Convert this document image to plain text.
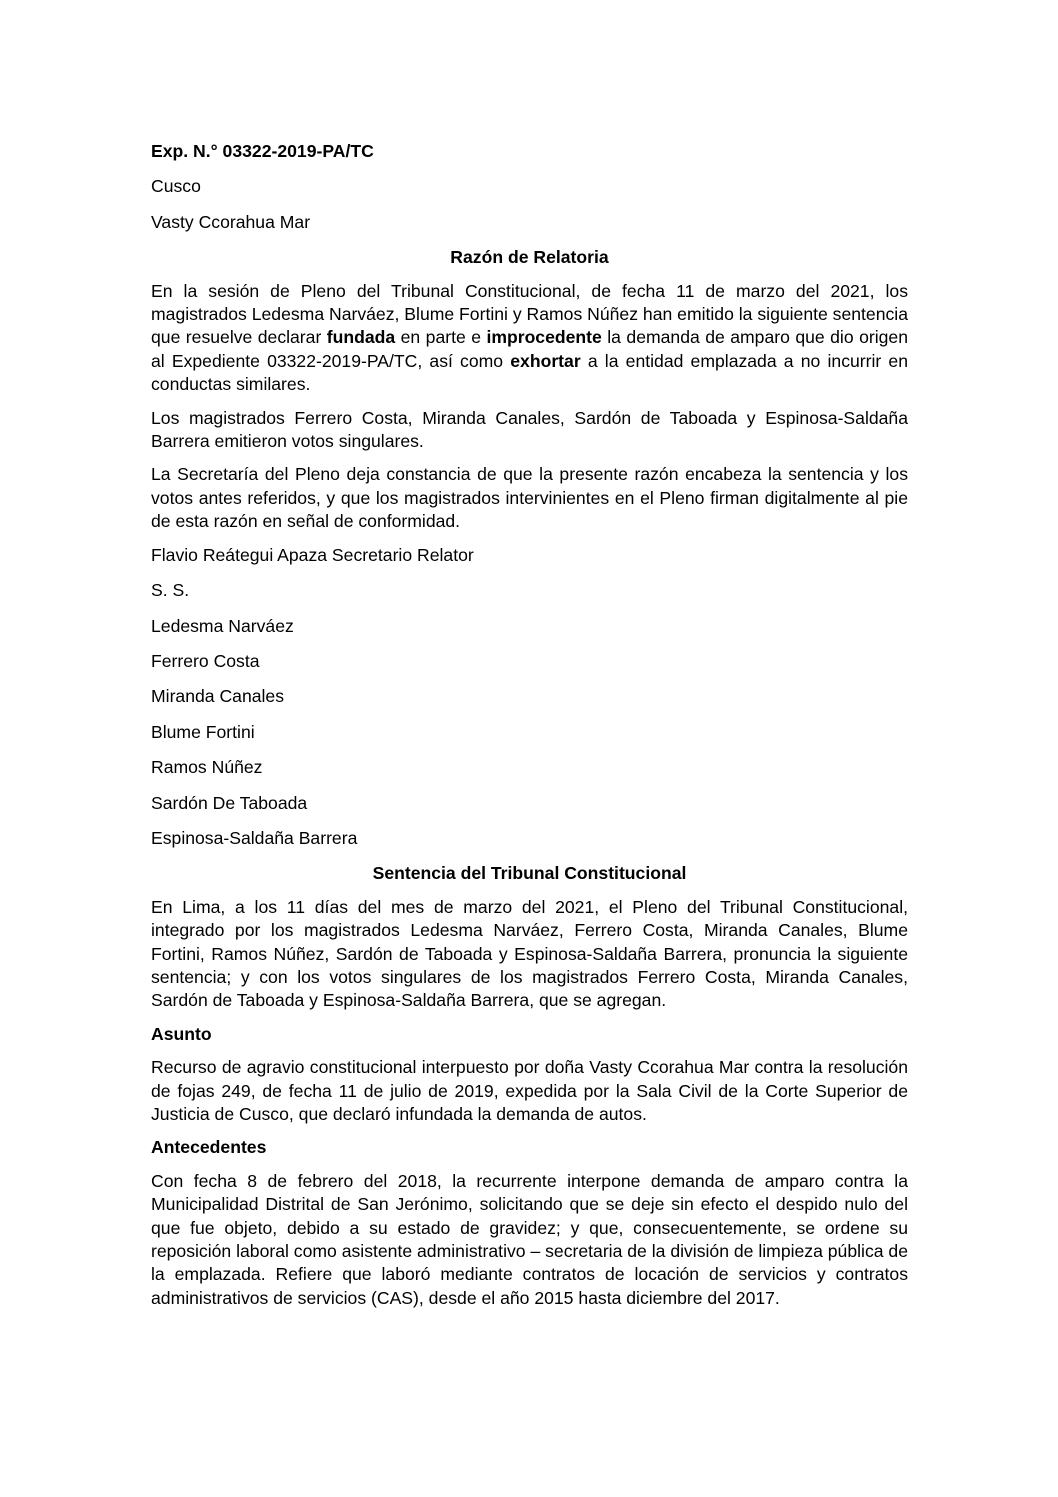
Exp. N.° 03322-2019-PA/TC
Cusco
Vasty Ccorahua Mar
Razón de Relatoria
En la sesión de Pleno del Tribunal Constitucional, de fecha 11 de marzo del 2021, los magistrados Ledesma Narváez, Blume Fortini y Ramos Núñez han emitido la siguiente sentencia que resuelve declarar fundada en parte e improcedente la demanda de amparo que dio origen al Expediente 03322-2019-PA/TC, así como exhortar a la entidad emplazada a no incurrir en conductas similares.
Los magistrados Ferrero Costa, Miranda Canales, Sardón de Taboada y Espinosa-Saldaña Barrera emitieron votos singulares.
La Secretaría del Pleno deja constancia de que la presente razón encabeza la sentencia y los votos antes referidos, y que los magistrados intervinientes en el Pleno firman digitalmente al pie de esta razón en señal de conformidad.
Flavio Reátegui Apaza Secretario Relator
S. S.
Ledesma Narváez
Ferrero Costa
Miranda Canales
Blume Fortini
Ramos Núñez
Sardón De Taboada
Espinosa-Saldaña Barrera
Sentencia del Tribunal Constitucional
En Lima, a los 11 días del mes de marzo del 2021, el Pleno del Tribunal Constitucional, integrado por los magistrados Ledesma Narváez, Ferrero Costa, Miranda Canales, Blume Fortini, Ramos Núñez, Sardón de Taboada y Espinosa-Saldaña Barrera, pronuncia la siguiente sentencia; y con los votos singulares de los magistrados Ferrero Costa, Miranda Canales, Sardón de Taboada y Espinosa-Saldaña Barrera, que se agregan.
Asunto
Recurso de agravio constitucional interpuesto por doña Vasty Ccorahua Mar contra la resolución de fojas 249, de fecha 11 de julio de 2019, expedida por la Sala Civil de la Corte Superior de Justicia de Cusco, que declaró infundada la demanda de autos.
Antecedentes
Con fecha 8 de febrero del 2018, la recurrente interpone demanda de amparo contra la Municipalidad Distrital de San Jerónimo, solicitando que se deje sin efecto el despido nulo del que fue objeto, debido a su estado de gravidez; y que, consecuentemente, se ordene su reposición laboral como asistente administrativo – secretaria de la división de limpieza pública de la emplazada. Refiere que laboró mediante contratos de locación de servicios y contratos administrativos de servicios (CAS), desde el año 2015 hasta diciembre del 2017.
